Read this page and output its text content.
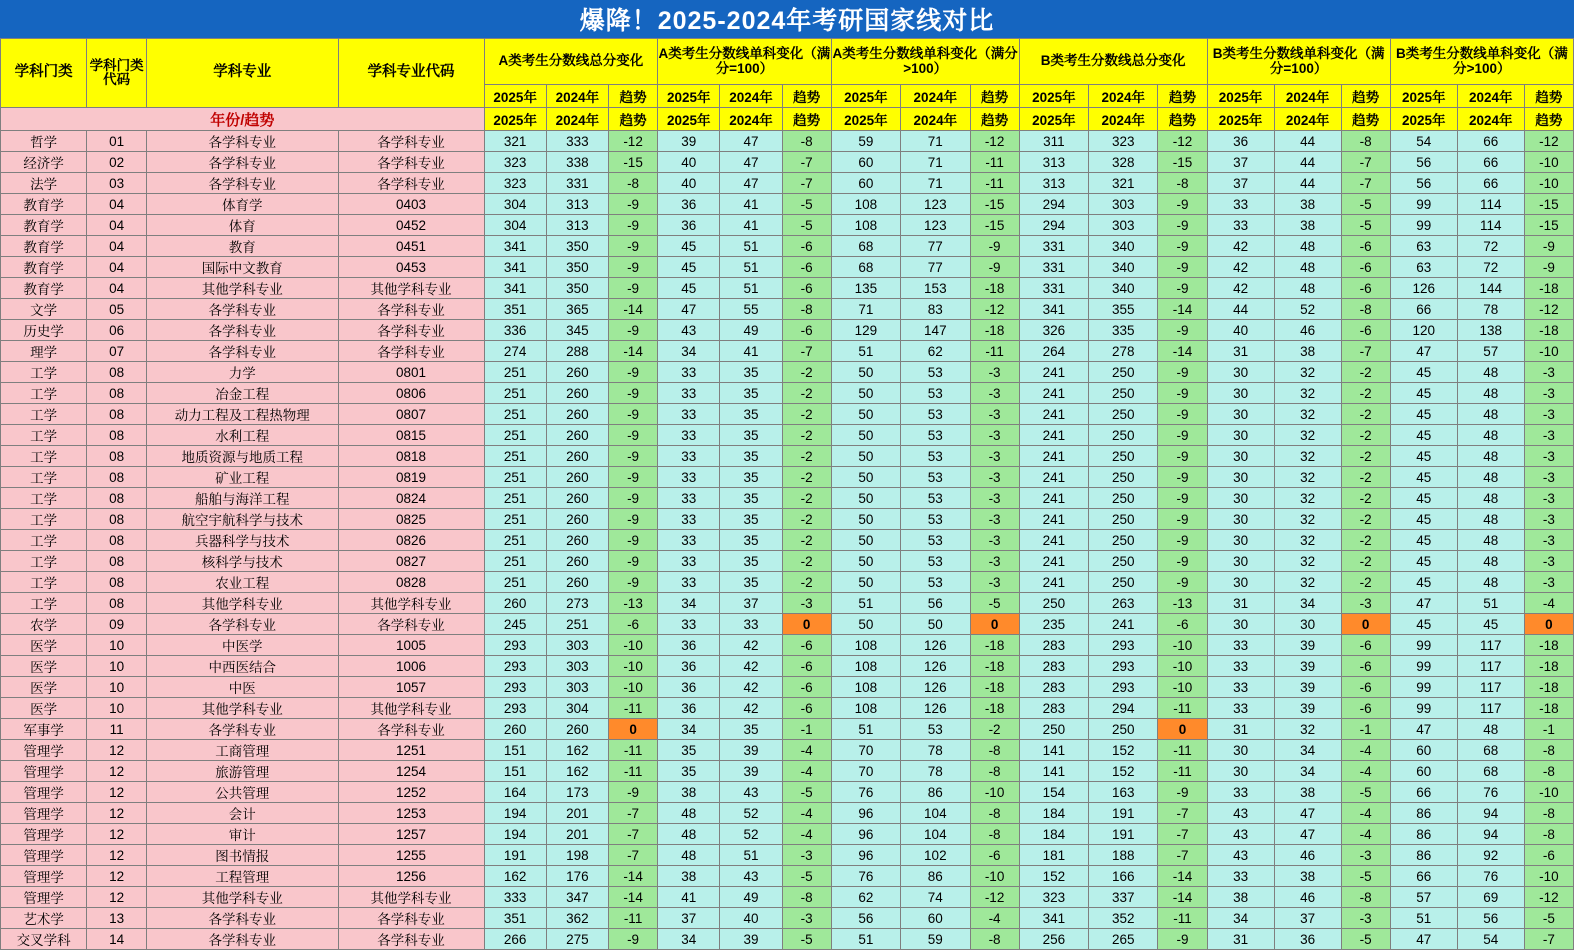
爆降！2025-2024年考研国家线对比
学科门类	学科门类代码	学科专业	学科专业代码	A类考生分数线总分变化			A类考生分数线单科变化（满分=100）			A类考生分数线单科变化（满分>100）			B类考生分数线总分变化			B类考生分数线单科变化（满分=100）			B类考生分数线单科变化（满分>100）		
				2025年	2024年	趋势	2025年	2024年	趋势	2025年	2024年	趋势	2025年	2024年	趋势	2025年	2024年	趋势	2025年	2024年	趋势
年份/趋势				2025年	2024年	趋势	2025年	2024年	趋势	2025年	2024年	趋势	2025年	2024年	趋势	2025年	2024年	趋势	2025年	2024年	趋势
哲学	01	各学科专业	各学科专业	321	333	-12	39	47	-8	59	71	-12	311	323	-12	36	44	-8	54	66	-12
经济学	02	各学科专业	各学科专业	323	338	-15	40	47	-7	60	71	-11	313	328	-15	37	44	-7	56	66	-10
法学	03	各学科专业	各学科专业	323	331	-8	40	47	-7	60	71	-11	313	321	-8	37	44	-7	56	66	-10
教育学	04	体育学	0403	304	313	-9	36	41	-5	108	123	-15	294	303	-9	33	38	-5	99	114	-15
教育学	04	体育	0452	304	313	-9	36	41	-5	108	123	-15	294	303	-9	33	38	-5	99	114	-15
教育学	04	教育	0451	341	350	-9	45	51	-6	68	77	-9	331	340	-9	42	48	-6	63	72	-9
教育学	04	国际中文教育	0453	341	350	-9	45	51	-6	68	77	-9	331	340	-9	42	48	-6	63	72	-9
教育学	04	其他学科专业	其他学科专业	341	350	-9	45	51	-6	135	153	-18	331	340	-9	42	48	-6	126	144	-18
文学	05	各学科专业	各学科专业	351	365	-14	47	55	-8	71	83	-12	341	355	-14	44	52	-8	66	78	-12
历史学	06	各学科专业	各学科专业	336	345	-9	43	49	-6	129	147	-18	326	335	-9	40	46	-6	120	138	-18
理学	07	各学科专业	各学科专业	274	288	-14	34	41	-7	51	62	-11	264	278	-14	31	38	-7	47	57	-10
工学	08	力学	0801	251	260	-9	33	35	-2	50	53	-3	241	250	-9	30	32	-2	45	48	-3
工学	08	冶金工程	0806	251	260	-9	33	35	-2	50	53	-3	241	250	-9	30	32	-2	45	48	-3
工学	08	动力工程及工程热物理	0807	251	260	-9	33	35	-2	50	53	-3	241	250	-9	30	32	-2	45	48	-3
工学	08	水利工程	0815	251	260	-9	33	35	-2	50	53	-3	241	250	-9	30	32	-2	45	48	-3
工学	08	地质资源与地质工程	0818	251	260	-9	33	35	-2	50	53	-3	241	250	-9	30	32	-2	45	48	-3
工学	08	矿业工程	0819	251	260	-9	33	35	-2	50	53	-3	241	250	-9	30	32	-2	45	48	-3
工学	08	船舶与海洋工程	0824	251	260	-9	33	35	-2	50	53	-3	241	250	-9	30	32	-2	45	48	-3
工学	08	航空宇航科学与技术	0825	251	260	-9	33	35	-2	50	53	-3	241	250	-9	30	32	-2	45	48	-3
工学	08	兵器科学与技术	0826	251	260	-9	33	35	-2	50	53	-3	241	250	-9	30	32	-2	45	48	-3
工学	08	核科学与技术	0827	251	260	-9	33	35	-2	50	53	-3	241	250	-9	30	32	-2	45	48	-3
工学	08	农业工程	0828	251	260	-9	33	35	-2	50	53	-3	241	250	-9	30	32	-2	45	48	-3
工学	08	其他学科专业	其他学科专业	260	273	-13	34	37	-3	51	56	-5	250	263	-13	31	34	-3	47	51	-4
农学	09	各学科专业	各学科专业	245	251	-6	33	33	0	50	50	0	235	241	-6	30	30	0	45	45	0
医学	10	中医学	1005	293	303	-10	36	42	-6	108	126	-18	283	293	-10	33	39	-6	99	117	-18
医学	10	中西医结合	1006	293	303	-10	36	42	-6	108	126	-18	283	293	-10	33	39	-6	99	117	-18
医学	10	中医	1057	293	303	-10	36	42	-6	108	126	-18	283	293	-10	33	39	-6	99	117	-18
医学	10	其他学科专业	其他学科专业	293	304	-11	36	42	-6	108	126	-18	283	294	-11	33	39	-6	99	117	-18
军事学	11	各学科专业	各学科专业	260	260	0	34	35	-1	51	53	-2	250	250	0	31	32	-1	47	48	-1
管理学	12	工商管理	1251	151	162	-11	35	39	-4	70	78	-8	141	152	-11	30	34	-4	60	68	-8
管理学	12	旅游管理	1254	151	162	-11	35	39	-4	70	78	-8	141	152	-11	30	34	-4	60	68	-8
管理学	12	公共管理	1252	164	173	-9	38	43	-5	76	86	-10	154	163	-9	33	38	-5	66	76	-10
管理学	12	会计	1253	194	201	-7	48	52	-4	96	104	-8	184	191	-7	43	47	-4	86	94	-8
管理学	12	审计	1257	194	201	-7	48	52	-4	96	104	-8	184	191	-7	43	47	-4	86	94	-8
管理学	12	图书情报	1255	191	198	-7	48	51	-3	96	102	-6	181	188	-7	43	46	-3	86	92	-6
管理学	12	工程管理	1256	162	176	-14	38	43	-5	76	86	-10	152	166	-14	33	38	-5	66	76	-10
管理学	12	其他学科专业	其他学科专业	333	347	-14	41	49	-8	62	74	-12	323	337	-14	38	46	-8	57	69	-12
艺术学	13	各学科专业	各学科专业	351	362	-11	37	40	-3	56	60	-4	341	352	-11	34	37	-3	51	56	-5
交叉学科	14	各学科专业	各学科专业	266	275	-9	34	39	-5	51	59	-8	256	265	-9	31	36	-5	47	54	-7
